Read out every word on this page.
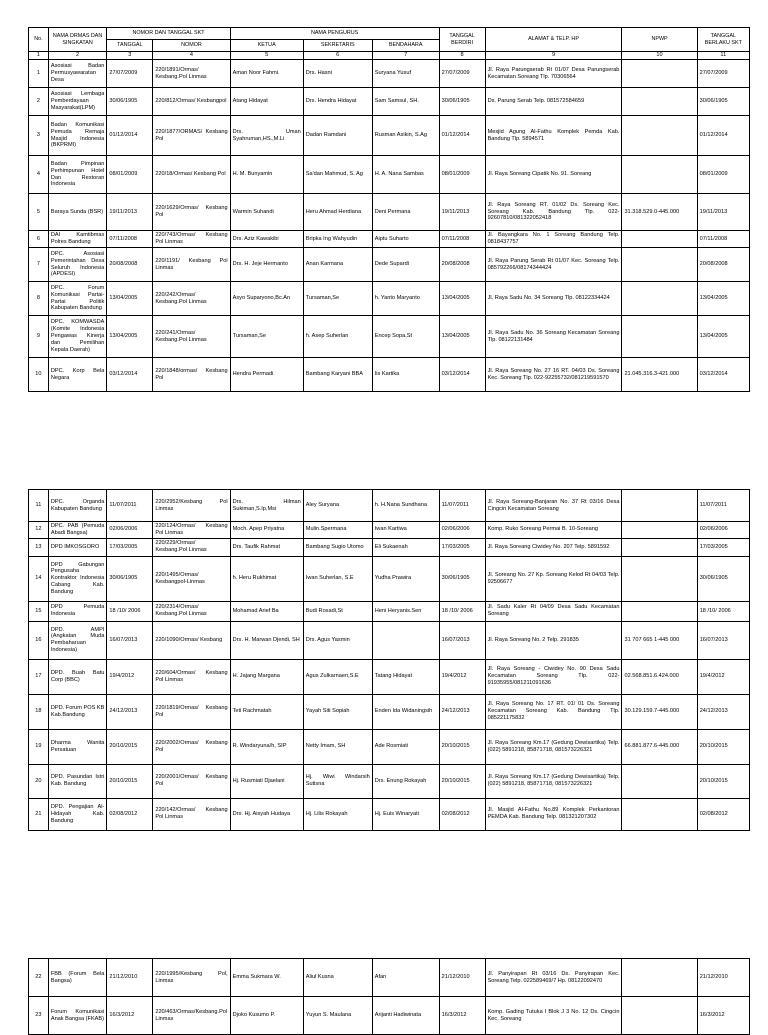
No.	NAMA ORMAS DAN SINGKATAN	NOMOR DAN TANGGAL SKT		NAMA PENGURUS			TANGGAL BERDIRI	ALAMAT & TELP. HP	NPWP	TANGGAL BERLAKU SKT
		TANGGAL	NOMOR	KETUA	SEKRETARIS	BENDAHARA				
1	2	3	4	5	6	7	8	9	10	11
1	Asosiasi Badan Permusyawaratan Desa	27/07/2009	220/1891/Ormas/ Kesbang.Pol Linmas	Aman Noor Fahmi.	Drs. Hasni	Suryana Yusuf	27/07/2009	Jl. Raya Parungserab Rt 01/07 Desa Parungserab Kecamatan Soreang Tlp. 70306564		27/07/2009
2	Asosiasi Lembaga Pemberdayaan Masyarakat(LPM)	30/06/1905	220/812/Ormas/ Kesbangpol	Atang Hidayat	Drs. Hendra Hidayat	Sam Samsul, SH.	30/06/1905	Ds. Parung Serab Telp. 081572584659		30/06/1905
3	Badan Komunikasi Pemuda Remaja Masjid Indonesia (BKPRMI)	01/12/2014	220/1877/ORMAS/ Kesbang Pol	Drs. Uman Syahruman,HS.,M.Li	Dadan Ramdani	Rusman Asikin, S.Ag	01/12/2014	Mesjid Agung Al-Fathu Komplek Pemda Kab. Bandung Tlp. 5894571		01/12/2014
4	Badan Pimpinan Perhimpunan Hotel Dan Restoran Indonesia	08/01/2009	220/18/Ormas/ Kesbang Pol	H. M. Bunyamin	Sa'dan Mahmud, S. Ag	H. A. Nana Sambas	08/01/2009	Jl. Raya Soreang Cipatik No. 91. Soreang		08/01/2009
5	Baraya Sunda (BSR)	19/11/2013	220/1629/Ormas/ Kesbang Pol	Warmin Suhandi	Heru Ahmad Herdiana	Deni Permana	19/11/2013	Jl. Raya Soreang RT. 01/02 Ds. Soreang Kec. Soreang Kab. Bandung Tlp. 022-92607810/081322052418	31.318.529.0-445.000	19/11/2013
6	DAI Kamtibmas Polres Bandung	07/11/2008	220/743/Ormas/ Kesbang Pol Linmas	Drs. Aziz Kawakibi	Bripka Ing Wahyudin	Aiptu Suharto	07/11/2008	Jl. Bayangkara No. 1 Soreang Bandung Telp. 0818437757		07/11/2008
7	DPC. Asosiasi Pemerintahan Desa Seluruh Indonesia (APDESI)	20/08/2008	220/1191/ Kesbang Pol Linmas	Drs. H. Jeje Hermanto	Anan Karmana	Dede Supardi	20/08/2008	Jl. Raya Parung Serab Rt 01/07 Kec. Soreang Telp. 085792266/08174344424		20/08/2008
8	DPC. Forum Komunikasi Partai-Partai Politik Kabupaten Bandung	13/04/2005	220/242/Ormas/ Kesbang.Pol Linmas	Asyo Suparyono,Bc.An	Tursaman,Se	h. Yanto Maryanto	13/04/2005	Jl. Raya Sadu No. 34 Soreang Tlp. 08122334424		13/04/2005
9	DPC. KOMWASDA (Komite Indonesia Pengawas Kinerja dan Pemilihan Kepala Daerah)	13/04/2005	220/241/Ormas/ Kesbang.Pol Linmas	Tursaman,Se	h. Asep Suherlan	Encep Sopa,St	13/04/2005	Jl. Raya Sadu No. 36 Soreang Kecamatan Soreang Tlp. 08122131484		13/04/2005
10	DPC. Korp Bela Negara	03/12/2014	220/1848/ormas/ Kesbang Pol	Hendra Permadi	Bambang Karyani BBA	Iis Kartika	03/12/2014	Jl. Raya Soreang No. 27 16 RT. 04/03 Ds. Soreang Kec. Soreang Tlp. 022-92255732/081219591570	21.045.316.3-421.000	03/12/2014
11	DPC. Organda Kabupaten Bandung	11/07/2011	220/2952/Kesbang Pol Linmas	Drs. Hilman Sukiman,S.Ip,Msi	Aley Suryana	h. H.Nana Sundhana	11/07/2011	Jl. Raya Soreang-Banjaran No. 37 Rt 03/16 Desa Cingcin Kecamatan Soreang		11/07/2011
12	DPC. PAB (Pemuda Abadi Bangsa)	02/06/2006	220/124/Ormas/ Kesbang Pol Linmas	Moch. Apep Priyatna	Mulin.Spermana	Iwan Kartiwa	02/06/2006	Komp. Ruko Soreang Permai B. 10-Soreang		02/06/2006
13	DPD IMKOSGORO	17/03/2005	220/229/Ormas/ Kesbang.Pol Linmas	Drs. Taufik Rahmat	Bambang Sugio Utomo	Eli Sukaenah	17/03/2005	Jl. Raya Soreang Ciwidey No. 207 Telp. 5891592		17/03/2005
14	DPD Gabungan Pengusaha Kontraktor Indonesia Cabang Kab. Bandung	30/06/1905	220/1495/Ormas/ Kesbangpol-Linmas	h. Heru Rukhimat	Iwan Suherlan, S.E	Yudha Prawira	30/06/1905	Jl. Soreang No. 27 Kp. Soreang Kelod Rt 04/03 Telp. 92506677		30/06/1905
15	DPD Pemuda Indonesia	18 /10/ 2006	220/2314/Ormas/ Kesbang.Pol Linmas	Mohamad Arief Ba	Budi Rosadi,St	Heni Heryanis.Sen	18 /10/ 2006	Jl. Sadu Kaler Rt 04/09 Desa Sadu Kecamatan Soreang		18 /10/ 2006
16	DPD. AMPI (Angkatan Muda Pembaharuan Indonesia)	16/07/2013	220/1090/Ormas/ Kesbang	Drs. H. Marwan Djendi, SH	Drs. Agus Yasmin		16/07/2013	Jl. Raya Soreang No. 2 Telp. 291835	31 707 665 1-445 000	16/07/2013
17	DPD. Buah Batu Corp (BBC)	19/4/2012	220/604/Ormas/ Kesbang Pol Linmas	H. Jajang Margana	Agus Zulkarnaen,S.E	Tatang Hidayat	19/4/2012	Jl. Raya Soreang - Ciwidey No. 90 Desa Sadu Kecamatan Soreang Tlp. 022-91935955/081211091636	02.568.851.6.424.000	19/4/2012
18	DPD. Forum POS KB Kab.Bandung	24/12/2013	220/1819/Ormas/ Kesbang Pol	Teti Rachmatah	Yayah Siti Sopiah	Enden Ida Widaningsih	24/12/2013	Jl. Raya Soreang No. 17 RT. 01/ 01 Ds. Soreang Kecamatan Soreang Kab. Bandung Tlp. 085221175832	30.129.159.7-445.000	24/12/2013
19	Dharma Wanita Persatuan	20/10/2015	220/2002/Ormas/ Kesbang Pol	R. Windaryuna/h, SIP	Netty Imam, SH	Ade Rosmiati	20/10/2015	Jl. Raya Soreang Km.17 (Gedung Dewisartika) Telp. (022) 5891218, 85871718, 081573226321	66.881.877.6-445.000	20/10/2015
20	DPD. Pasundan Istri Kab. Bandung	20/10/2015	220/2001/Ormas/ Kesbang Pol	Hj. Rusmiati Djaelani	Hj. Wiwi Windarsih Sutisna	Drs. Enung Rokayah	20/10/2015	Jl. Raya Soreang Km.17 (Gedung Dewisartika) Telp. (022) 5891218, 85871718, 081573226321		20/10/2015
21	DPD. Pengajian Al-Hidayah Kab. Bandung	02/08/2012	220/142/Ormas/ Kesbang Pol Linmas	Drs. Hj. Aisyah Hudaya	Hj. Lilis Rokayah	Hj. Euis Winaryati	02/08/2012	Jl. Masjid Al-Fathu No.89 Komplek Perkantoran PEMDA Kab. Bandung Telp. 081321207302		02/08/2012
22	FBB (Forum Bela Bangsa)	21/12/2010	220/1995/Kesbang Pol, Linmas	Emma Sukmara W.	Aliul Kusna	Afan	21/12/2010	Jl. Panyirapan Rt 03/16 Ds. Panyirapan Kec. Soreang Telp. 022589469/7 Hp. 08122092470		21/12/2010
23	Forum Komunikasi Anak Bangsa (FKAB)	16/3/2012	220/463/Ormas/Kesbang.Pol Linmas	Djoko Kusumo P.	Yuyun S. Maulana	Arijanti Hadiwinata	16/3/2012	Komp. Gading Tutuka I Blok J 3 No. 12 Ds. Cingcin Kec. Soreang		16/3/2012
